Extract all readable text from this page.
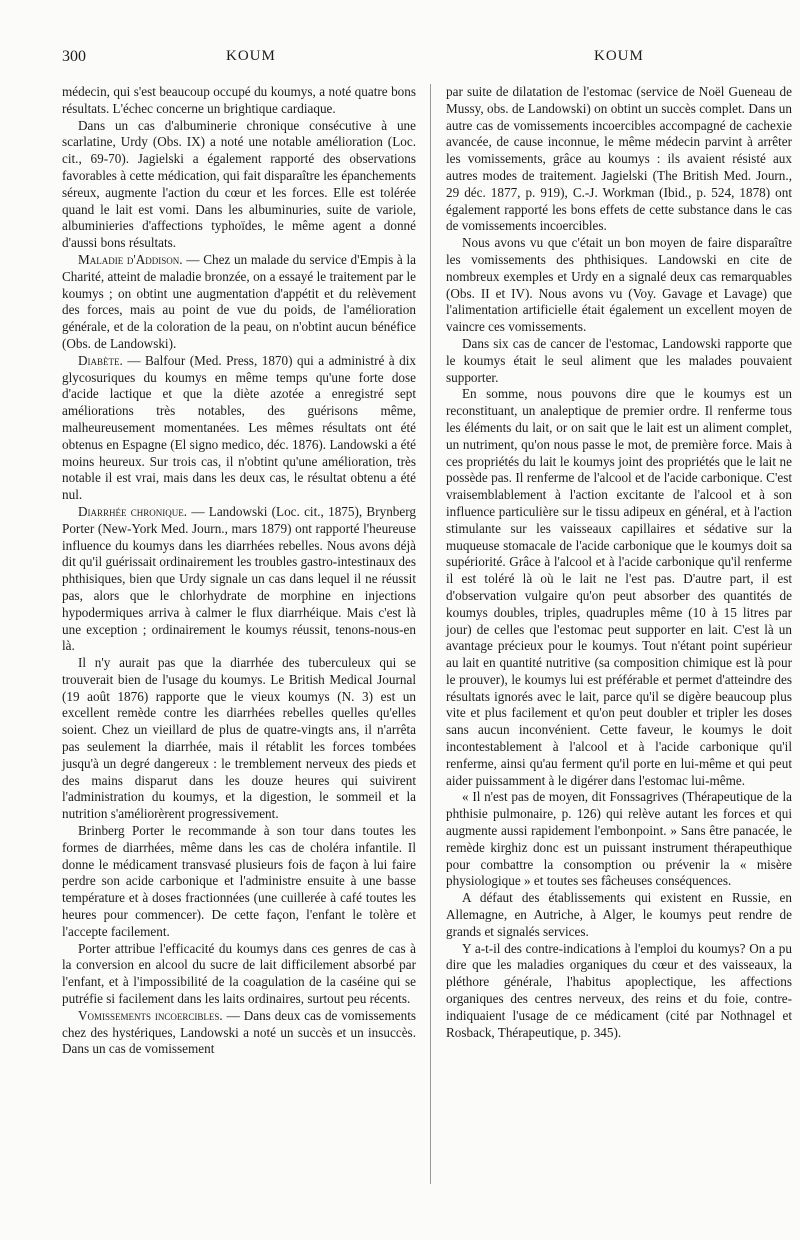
300	KOUM	KOUM

médecin, qui s'est beaucoup occupé du koumys, a noté quatre bons résultats. L'échec concerne un brightique cardiaque.

Dans un cas d'albuminerie chronique consécutive à une scarlatine, Urdy (Obs. IX) a noté une notable amélioration (Loc. cit., 69-70). Jagielski a également rapporté des observations favorables à cette médication, qui fait disparaître les épanchements séreux, augmente l'action du cœur et les forces. Elle est tolérée quand le lait est vomi. Dans les albuminuries, suite de variole, albuminieries d'affections typhoïdes, le même agent a donné d'aussi bons résultats.

Maladie d'Addison. — Chez un malade du service d'Empis à la Charité, atteint de maladie bronzée, on a essayé le traitement par le koumys ; on obtint une augmentation d'appétit et du relèvement des forces, mais au point de vue du poids, de l'amélioration générale, et de la coloration de la peau, on n'obtint aucun bénéfice (Obs. de Landowski).

Diabète. — Balfour (Med. Press, 1870) qui a administré à dix glycosuriques du koumys en même temps qu'une forte dose d'acide lactique et que la diète azotée a enregistré sept améliorations très notables, des guérisons même, malheureusement momentanées. Les mêmes résultats ont été obtenus en Espagne (El signo medico, déc. 1876). Landowski a été moins heureux. Sur trois cas, il n'obtint qu'une amélioration, très notable il est vrai, mais dans les deux cas, le résultat obtenu a été nul.

Diarrhée chronique. — Landowski (Loc. cit., 1875), Brynberg Porter (New-York Med. Journ., mars 1879) ont rapporté l'heureuse influence du koumys dans les diarrhées rebelles. Nous avons déjà dit qu'il guérissait ordinairement les troubles gastro-intestinaux des phthisiques, bien que Urdy signale un cas dans lequel il ne réussit pas, alors que le chlorhydrate de morphine en injections hypodermiques arriva à calmer le flux diarrhéique. Mais c'est là une exception ; ordinairement le koumys réussit, tenons-nous-en là.

Il n'y aurait pas que la diarrhée des tuberculeux qui se trouverait bien de l'usage du koumys. Le British Medical Journal (19 août 1876) rapporte que le vieux koumys (N. 3) est un excellent remède contre les diarrhées rebelles quelles qu'elles soient. Chez un vieillard de plus de quatre-vingts ans, il n'arrêta pas seulement la diarrhée, mais il rétablit les forces tombées jusqu'à un degré dangereux : le tremblement nerveux des pieds et des mains disparut dans les douze heures qui suivirent l'administration du koumys, et la digestion, le sommeil et la nutrition s'améliorèrent progressivement.

Brinberg Porter le recommande à son tour dans toutes les formes de diarrhées, même dans les cas de choléra infantile. Il donne le médicament transvasé plusieurs fois de façon à lui faire perdre son acide carbonique et l'administre ensuite à une basse température et à doses fractionnées (une cuillerée à café toutes les heures pour commencer). De cette façon, l'enfant le tolère et l'accepte facilement.

Porter attribue l'efficacité du koumys dans ces genres de cas à la conversion en alcool du sucre de lait difficilement absorbé par l'enfant, et à l'impossibilité de la coagulation de la caséine qui se putréfie si facilement dans les laits ordinaires, surtout peu récents.

Vomissements incoercibles. — Dans deux cas de vomissements chez des hystériques, Landowski a noté un succès et un insuccès. Dans un cas de vomissement

par suite de dilatation de l'estomac (service de Noël Gueneau de Mussy, obs. de Landowski) on obtint un succès complet. Dans un autre cas de vomissements incoercibles accompagné de cachexie avancée, de cause inconnue, le même médecin parvint à arrêter les vomissements, grâce au koumys : ils avaient résisté aux autres modes de traitement. Jagielski (The British Med. Journ., 29 déc. 1877, p. 919), C.-J. Workman (Ibid., p. 524, 1878) ont également rapporté les bons effets de cette substance dans le cas de vomissements incoercibles.

Nous avons vu que c'était un bon moyen de faire disparaître les vomissements des phthisiques. Landowski en cite de nombreux exemples et Urdy en a signalé deux cas remarquables (Obs. II et IV). Nous avons vu (Voy. Gavage et Lavage) que l'alimentation artificielle était également un excellent moyen de vaincre ces vomissements.

Dans six cas de cancer de l'estomac, Landowski rapporte que le koumys était le seul aliment que les malades pouvaient supporter.

En somme, nous pouvons dire que le koumys est un reconstituant, un analeptique de premier ordre. Il renferme tous les éléments du lait, or on sait que le lait est un aliment complet, un nutriment, qu'on nous passe le mot, de première force. Mais à ces propriétés du lait le koumys joint des propriétés que le lait ne possède pas. Il renferme de l'alcool et de l'acide carbonique. C'est vraisemblablement à l'action excitante de l'alcool et à son influence particulière sur le tissu adipeux en général, et à l'action stimulante sur les vaisseaux capillaires et sédative sur la muqueuse stomacale de l'acide carbonique que le koumys doit sa supériorité. Grâce à l'alcool et à l'acide carbonique qu'il renferme il est toléré là où le lait ne l'est pas. D'autre part, il est d'observation vulgaire qu'on peut absorber des quantités de koumys doubles, triples, quadruples même (10 à 15 litres par jour) de celles que l'estomac peut supporter en lait. C'est là un avantage précieux pour le koumys. Tout n'étant point supérieur au lait en quantité nutritive (sa composition chimique est là pour le prouver), le koumys lui est préférable et permet d'atteindre des résultats ignorés avec le lait, parce qu'il se digère beaucoup plus vite et plus facilement et qu'on peut doubler et tripler les doses sans aucun inconvénient. Cette faveur, le koumys le doit incontestablement à l'alcool et à l'acide carbonique qu'il renferme, ainsi qu'au ferment qu'il porte en lui-même et qui peut aider puissamment à le digérer dans l'estomac lui-même.

« Il n'est pas de moyen, dit Fonssagrives (Thérapeutique de la phthisie pulmonaire, p. 126) qui relève autant les forces et qui augmente aussi rapidement l'embonpoint. » Sans être panacée, le remède kirghiz donc est un puissant instrument thérapeuthique pour combattre la consomption ou prévenir la « misère physiologique » et toutes ses fâcheuses conséquences.

A défaut des établissements qui existent en Russie, en Allemagne, en Autriche, à Alger, le koumys peut rendre de grands et signalés services.

Y a-t-il des contre-indications à l'emploi du koumys? On a pu dire que les maladies organiques du cœur et des vaisseaux, la pléthore générale, l'habitus apoplectique, les affections organiques des centres nerveux, des reins et du foie, contre-indiquaient l'usage de ce médicament (cité par Nothnagel et Rosback, Thérapeutique, p. 345).
